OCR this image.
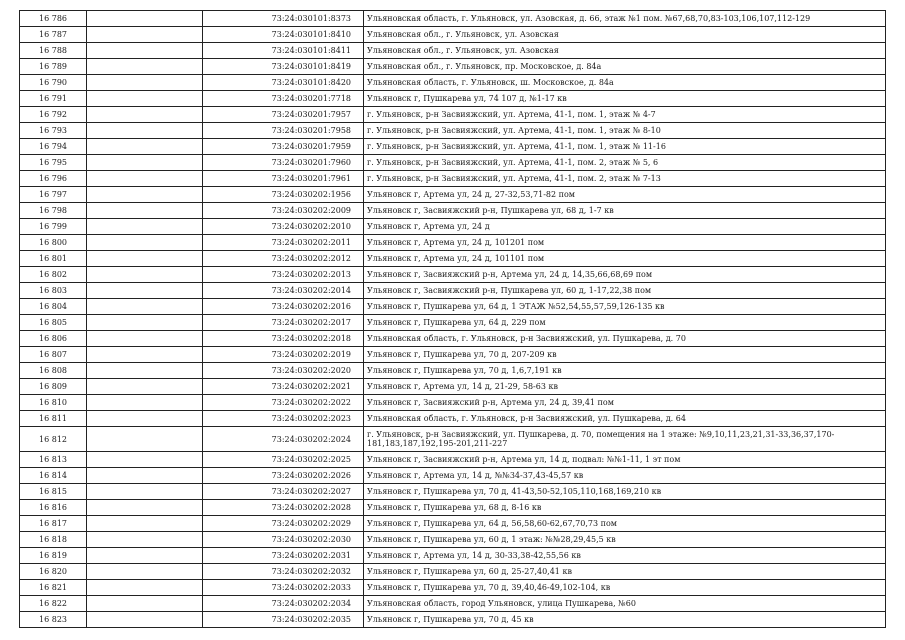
16 786		73:24:030101:8373	Ульяновская область, г. Ульяновск, ул. Азовская, д. 66, этаж №1 пом. №67,68,70,83-103,106,107,112-129
16 787		73:24:030101:8410	Ульяновская обл., г. Ульяновск, ул. Азовская
16 788		73:24:030101:8411	Ульяновская обл., г. Ульяновск, ул. Азовская
16 789		73:24:030101:8419	Ульяновская обл., г. Ульяновск, пр. Московское, д. 84а
16 790		73:24:030101:8420	Ульяновская область, г. Ульяновск, ш. Московское, д. 84а
16 791		73:24:030201:7718	Ульяновск г, Пушкарева ул, 74 107 д, №1-17 кв
16 792		73:24:030201:7957	г. Ульяновск, р-н Засвияжский, ул. Артема, 41-1, пом. 1, этаж № 4-7
16 793		73:24:030201:7958	г. Ульяновск, р-н Засвияжский, ул. Артема, 41-1, пом. 1, этаж № 8-10
16 794		73:24:030201:7959	г. Ульяновск, р-н Засвияжский, ул. Артема, 41-1, пом. 1, этаж № 11-16
16 795		73:24:030201:7960	г. Ульяновск, р-н Засвияжский, ул. Артема, 41-1, пом. 2, этаж № 5, 6
16 796		73:24:030201:7961	г. Ульяновск, р-н Засвияжский, ул. Артема, 41-1, пом. 2, этаж № 7-13
16 797		73:24:030202:1956	Ульяновск г, Артема ул, 24 д, 27-32,53,71-82 пом
16 798		73:24:030202:2009	Ульяновск г, Засвияжский р-н, Пушкарева ул, 68 д, 1-7 кв
16 799		73:24:030202:2010	Ульяновск г, Артема ул, 24 д
16 800		73:24:030202:2011	Ульяновск г, Артема ул, 24 д, 101201 пом
16 801		73:24:030202:2012	Ульяновск г, Артема ул, 24 д, 101101 пом
16 802		73:24:030202:2013	Ульяновск г, Засвияжский р-н, Артема ул, 24 д, 14,35,66,68,69 пом
16 803		73:24:030202:2014	Ульяновск г, Засвияжский р-н, Пушкарева ул, 60 д, 1-17,22,38 пом
16 804		73:24:030202:2016	Ульяновск г, Пушкарева ул, 64 д, 1 ЭТАЖ №52,54,55,57,59,126-135 кв
16 805		73:24:030202:2017	Ульяновск г, Пушкарева ул, 64 д, 229 пом
16 806		73:24:030202:2018	Ульяновская область, г. Ульяновск, р-н Засвияжский, ул. Пушкарева, д. 70
16 807		73:24:030202:2019	Ульяновск г, Пушкарева ул, 70 д, 207-209 кв
16 808		73:24:030202:2020	Ульяновск г, Пушкарева ул, 70 д, 1,6,7,191 кв
16 809		73:24:030202:2021	Ульяновск г, Артема ул, 14 д, 21-29, 58-63 кв
16 810		73:24:030202:2022	Ульяновск г, Засвияжский р-н, Артема ул, 24 д, 39,41 пом
16 811		73:24:030202:2023	Ульяновская область, г. Ульяновск, р-н Засвияжский, ул. Пушкарева, д. 64
16 812		73:24:030202:2024	г. Ульяновск, р-н Засвияжский, ул. Пушкарева, д. 70, помещения на 1 этаже: №9,10,11,23,21,31-33,36,37,170-181,183,187,192,195-201,211-227
16 813		73:24:030202:2025	Ульяновск г, Засвияжский р-н, Артема ул, 14 д, подвал: №№1-11, 1 эт пом
16 814		73:24:030202:2026	Ульяновск г, Артема ул, 14 д, №№34-37,43-45,57 кв
16 815		73:24:030202:2027	Ульяновск г, Пушкарева ул, 70 д, 41-43,50-52,105,110,168,169,210 кв
16 816		73:24:030202:2028	Ульяновск г, Пушкарева ул, 68 д, 8-16 кв
16 817		73:24:030202:2029	Ульяновск г, Пушкарева ул, 64 д, 56,58,60-62,67,70,73 пом
16 818		73:24:030202:2030	Ульяновск г, Пушкарева ул, 60 д, 1 этаж: №№28,29,45,5 кв
16 819		73:24:030202:2031	Ульяновск г, Артема ул, 14 д, 30-33,38-42,55,56 кв
16 820		73:24:030202:2032	Ульяновск г, Пушкарева ул, 60 д, 25-27,40,41 кв
16 821		73:24:030202:2033	Ульяновск г, Пушкарева ул, 70 д, 39,40,46-49,102-104, кв
16 822		73:24:030202:2034	Ульяновская область, город Ульяновск, улица Пушкарева, №60
16 823		73:24:030202:2035	Ульяновск г, Пушкарева ул, 70 д, 45 кв
